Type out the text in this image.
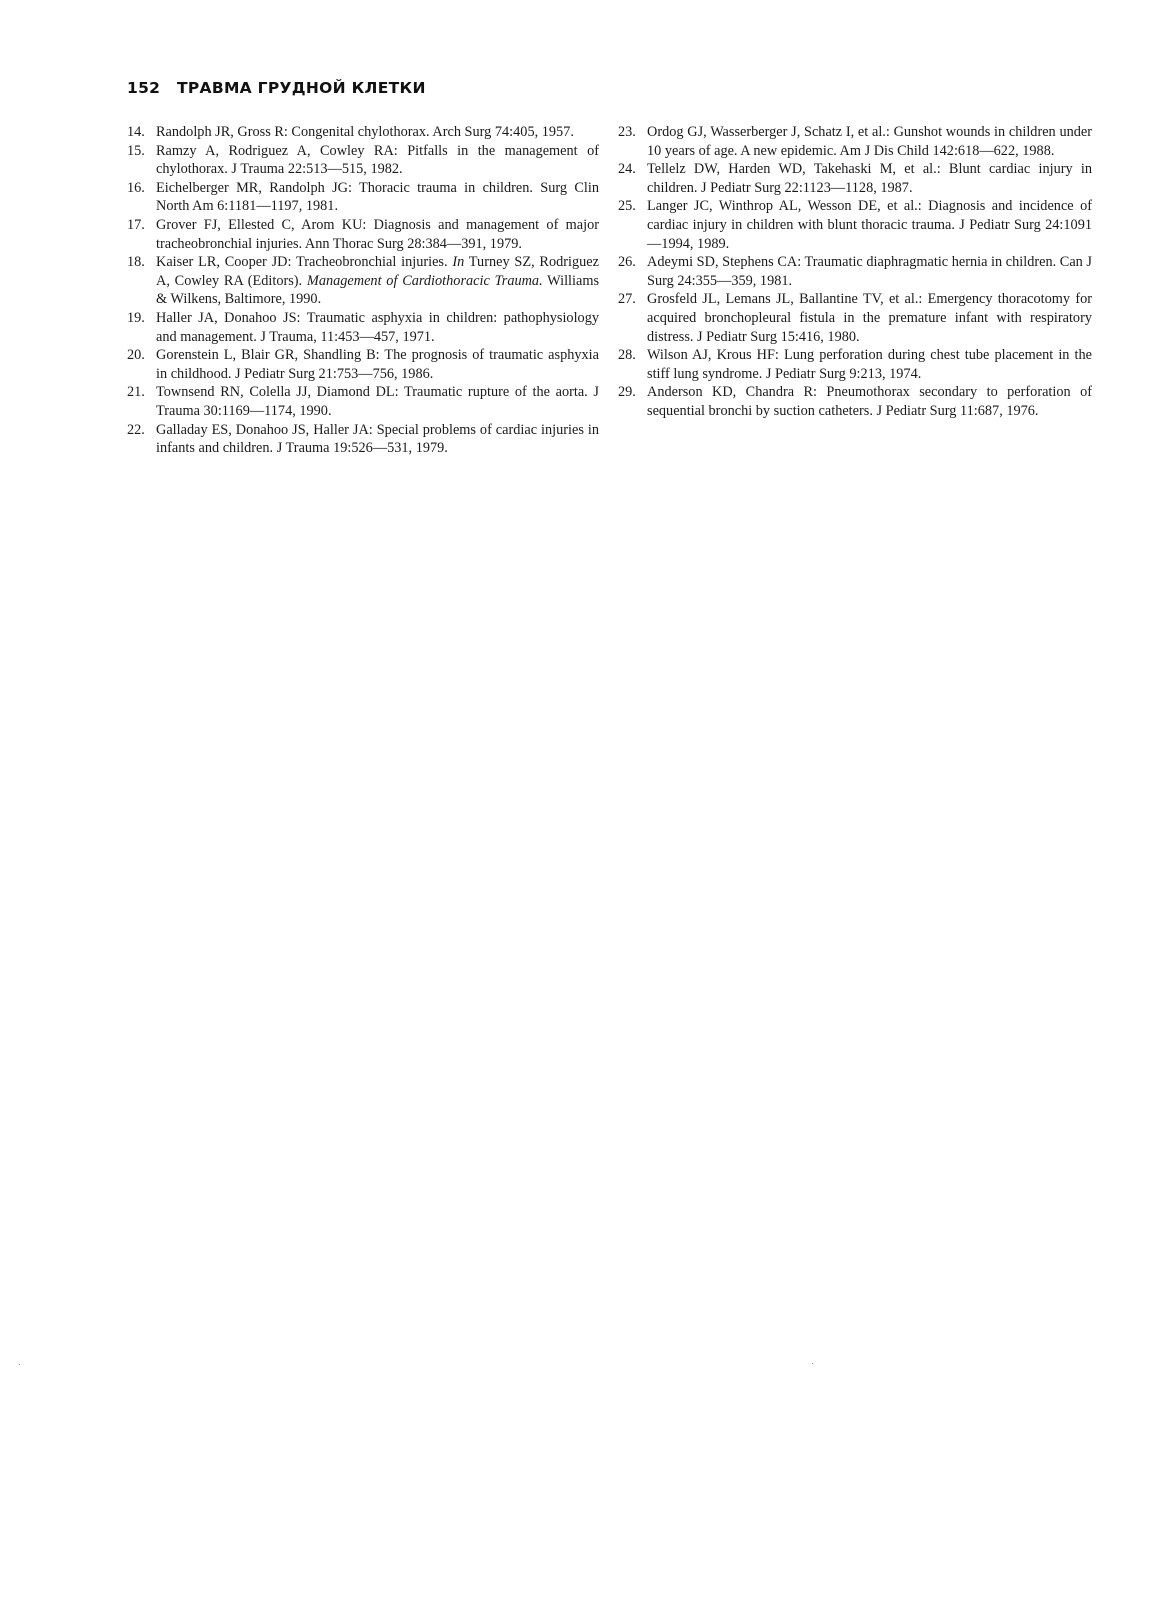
152 ТРАВМА ГРУДНОЙ КЛЕТКИ
14. Randolph JR, Gross R: Congenital chylothorax. Arch Surg 74:405, 1957.
15. Ramzy A, Rodriguez A, Cowley RA: Pitfalls in the management of chylothorax. J Trauma 22:513—515, 1982.
16. Eichelberger MR, Randolph JG: Thoracic trauma in children. Surg Clin North Am 6:1181—1197, 1981.
17. Grover FJ, Ellested C, Arom KU: Diagnosis and management of major tracheobronchial injuries. Ann Thorac Surg 28:384—391, 1979.
18. Kaiser LR, Cooper JD: Tracheobronchial injuries. In Turney SZ, Rodriguez A, Cowley RA (Editors). Management of Cardiothoracic Trauma. Williams & Wilkens, Baltimore, 1990.
19. Haller JA, Donahoo JS: Traumatic asphyxia in children: pathophysiology and management. J Trauma, 11:453—457, 1971.
20. Gorenstein L, Blair GR, Shandling B: The prognosis of traumatic asphyxia in childhood. J Pediatr Surg 21:753—756, 1986.
21. Townsend RN, Colella JJ, Diamond DL: Traumatic rupture of the aorta. J Trauma 30:1169—1174, 1990.
22. Galladay ES, Donahoo JS, Haller JA: Special problems of cardiac injuries in infants and children. J Trauma 19:526—531, 1979.
23. Ordog GJ, Wasserberger J, Schatz I, et al.: Gunshot wounds in children under 10 years of age. A new epidemic. Am J Dis Child 142:618—622, 1988.
24. Tellelz DW, Harden WD, Takehaski M, et al.: Blunt cardiac injury in children. J Pediatr Surg 22:1123—1128, 1987.
25. Langer JC, Winthrop AL, Wesson DE, et al.: Diagnosis and incidence of cardiac injury in children with blunt thoracic trauma. J Pediatr Surg 24:1091—1994, 1989.
26. Adeymi SD, Stephens CA: Traumatic diaphragmatic hernia in children. Can J Surg 24:355—359, 1981.
27. Grosfeld JL, Lemans JL, Ballantine TV, et al.: Emergency thoracotomy for acquired bronchopleural fistula in the premature infant with respiratory distress. J Pediatr Surg 15:416, 1980.
28. Wilson AJ, Krous HF: Lung perforation during chest tube placement in the stiff lung syndrome. J Pediatr Surg 9:213, 1974.
29. Anderson KD, Chandra R: Pneumothorax secondary to perforation of sequential bronchi by suction catheters. J Pediatr Surg 11:687, 1976.
